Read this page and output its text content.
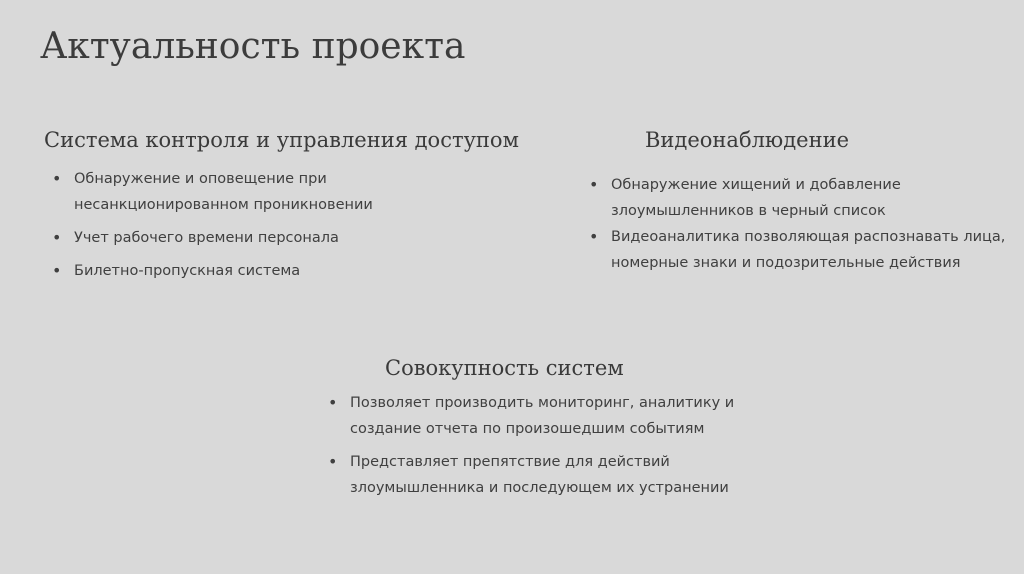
Актуальность проекта
Система контроля и управления доступом
• Обнаружение и оповещение при несанкционированном проникновении
• Учет рабочего времени персонала
• Билетно-пропускная система
Видеонаблюдение
• Обнаружение хищений и добавление злоумышленников в черный список
• Видеоаналитика позволяющая распознавать лица, номерные знаки и подозрительные действия
Совокупность систем
• Позволяет производить мониторинг, аналитику и создание отчета по произошедшим событиям
• Представляет препятствие для действий злоумышленника и последующем их устранении
